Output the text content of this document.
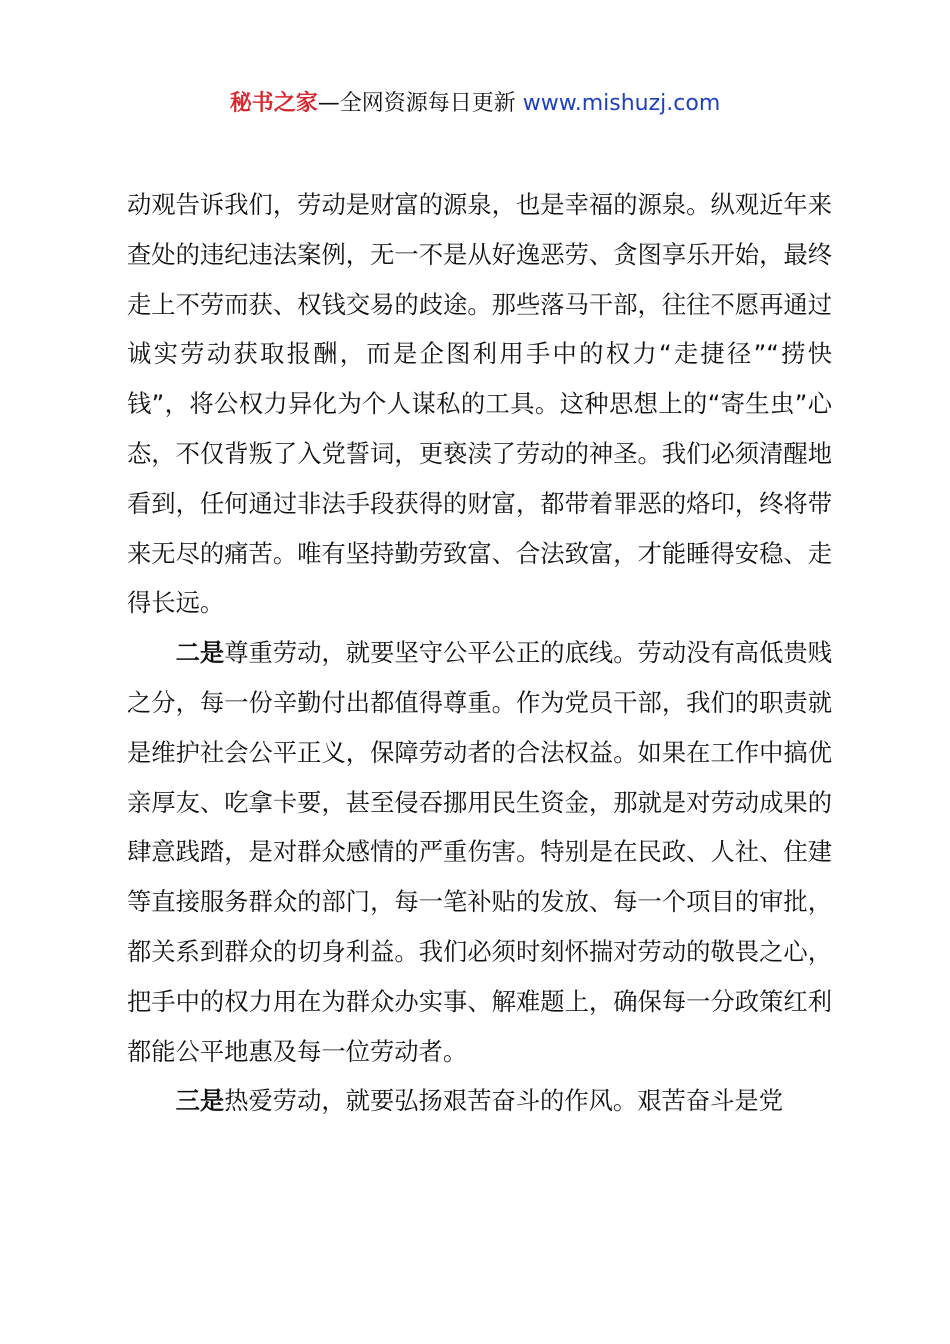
秘书之家—全网资源每日更新 www.mishuzj.com

动观告诉我们，劳动是财富的源泉，也是幸福的源泉。纵观近年来查处的违纪违法案例，无一不是从好逸恶劳、贪图享乐开始，最终走上不劳而获、权钱交易的歧途。那些落马干部，往往不愿再通过诚实劳动获取报酬，而是企图利用手中的权力“走捷径”“捞快钱”，将公权力异化为个人谋私的工具。这种思想上的“寄生虫”心态，不仅背叛了入党誓词，更亵渎了劳动的神圣。我们必须清醒地看到，任何通过非法手段获得的财富，都带着罪恶的烙印，终将带来无尽的痛苦。唯有坚持勤劳致富、合法致富，才能睡得安稳、走得长远。

二是尊重劳动，就要坚守公平公正的底线。劳动没有高低贵贱之分，每一份辛勤付出都值得尊重。作为党员干部，我们的职责就是维护社会公平正义，保障劳动者的合法权益。如果在工作中搞优亲厚友、吃拿卡要，甚至侵吞挪用民生资金，那就是对劳动成果的肆意践踏，是对群众感情的严重伤害。特别是在民政、人社、住建等直接服务群众的部门，每一笔补贴的发放、每一个项目的审批，都关系到群众的切身利益。我们必须时刻怀揣对劳动的敬畏之心，把手中的权力用在为群众办实事、解难题上，确保每一分政策红利都能公平地惠及每一位劳动者。

三是热爱劳动，就要弘扬艰苦奋斗的作风。艰苦奋斗是党
